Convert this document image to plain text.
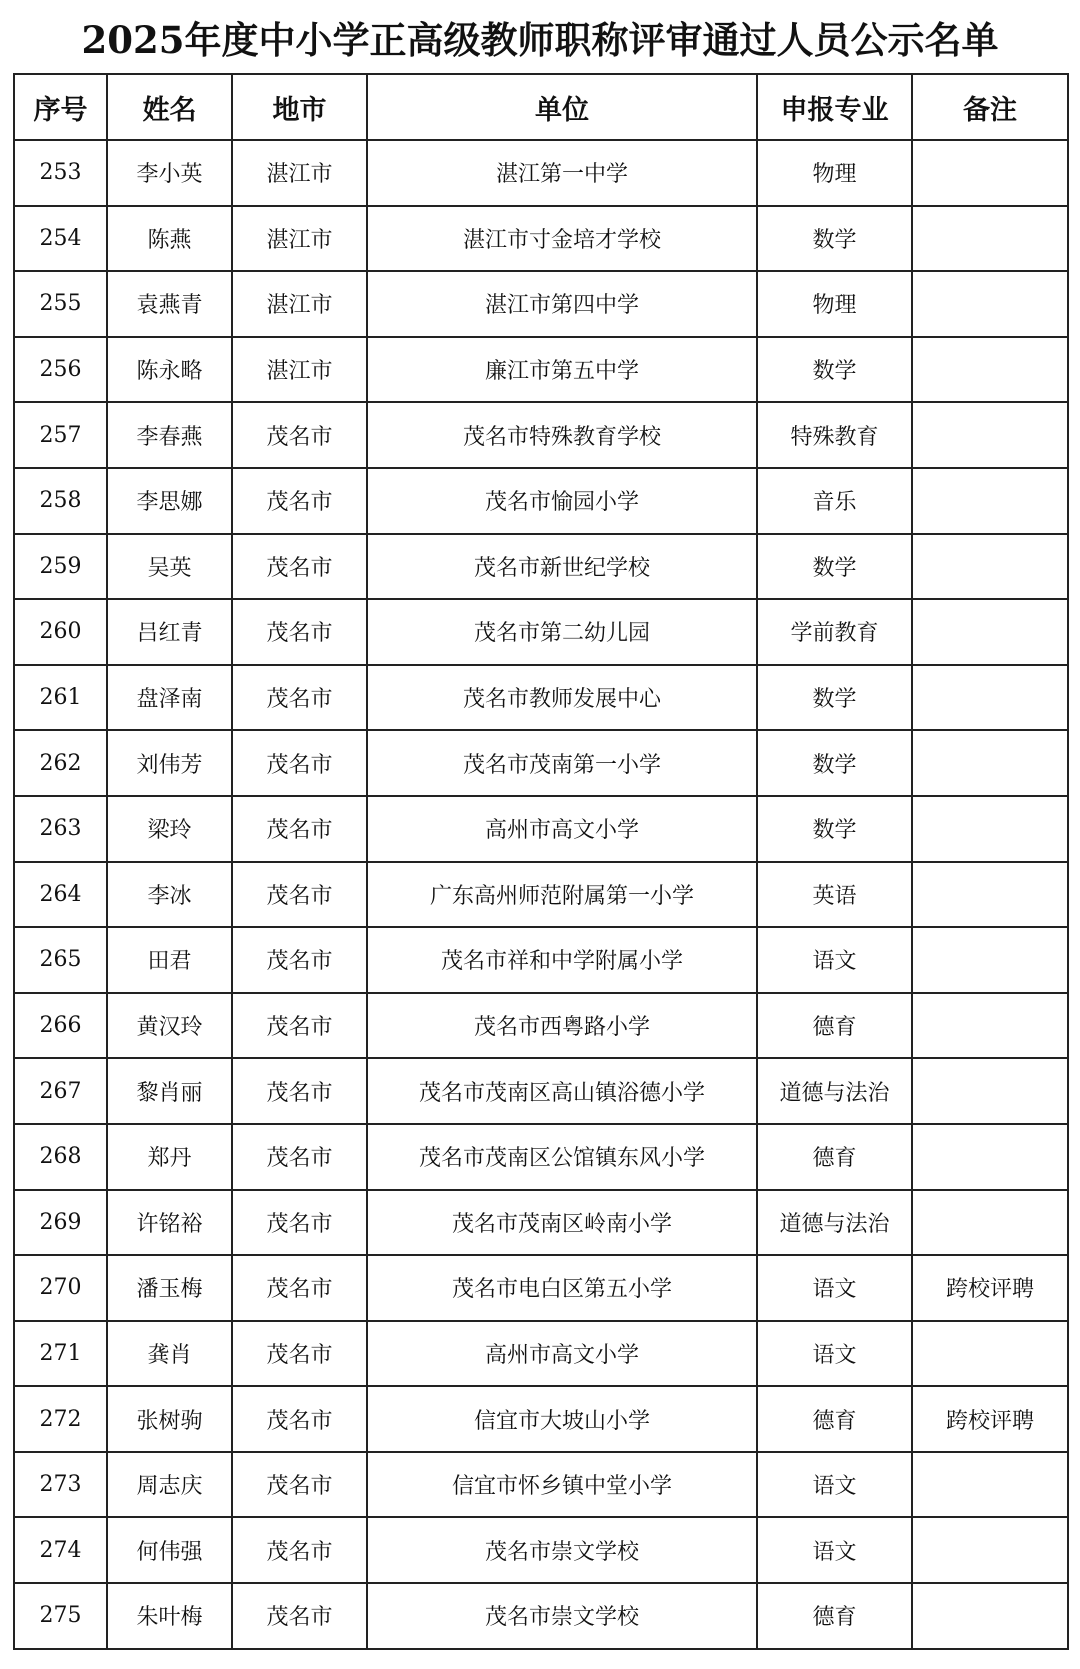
2025年度中小学正高级教师职称评审通过人员公示名单
序号	姓名	地市	单位	申报专业	备注
253	李小英	湛江市	湛江第一中学	物理	
254	陈燕	湛江市	湛江市寸金培才学校	数学	
255	袁燕青	湛江市	湛江市第四中学	物理	
256	陈永略	湛江市	廉江市第五中学	数学	
257	李春燕	茂名市	茂名市特殊教育学校	特殊教育	
258	李思娜	茂名市	茂名市愉园小学	音乐	
259	吴英	茂名市	茂名市新世纪学校	数学	
260	吕红青	茂名市	茂名市第二幼儿园	学前教育	
261	盘泽南	茂名市	茂名市教师发展中心	数学	
262	刘伟芳	茂名市	茂名市茂南第一小学	数学	
263	梁玲	茂名市	高州市高文小学	数学	
264	李冰	茂名市	广东高州师范附属第一小学	英语	
265	田君	茂名市	茂名市祥和中学附属小学	语文	
266	黄汉玲	茂名市	茂名市西粤路小学	德育	
267	黎肖丽	茂名市	茂名市茂南区高山镇浴德小学	道德与法治	
268	郑丹	茂名市	茂名市茂南区公馆镇东风小学	德育	
269	许铭裕	茂名市	茂名市茂南区岭南小学	道德与法治	
270	潘玉梅	茂名市	茂名市电白区第五小学	语文	跨校评聘
271	龚肖	茂名市	高州市高文小学	语文	
272	张树驹	茂名市	信宜市大坡山小学	德育	跨校评聘
273	周志庆	茂名市	信宜市怀乡镇中堂小学	语文	
274	何伟强	茂名市	茂名市崇文学校	语文	
275	朱叶梅	茂名市	茂名市崇文学校	德育	
